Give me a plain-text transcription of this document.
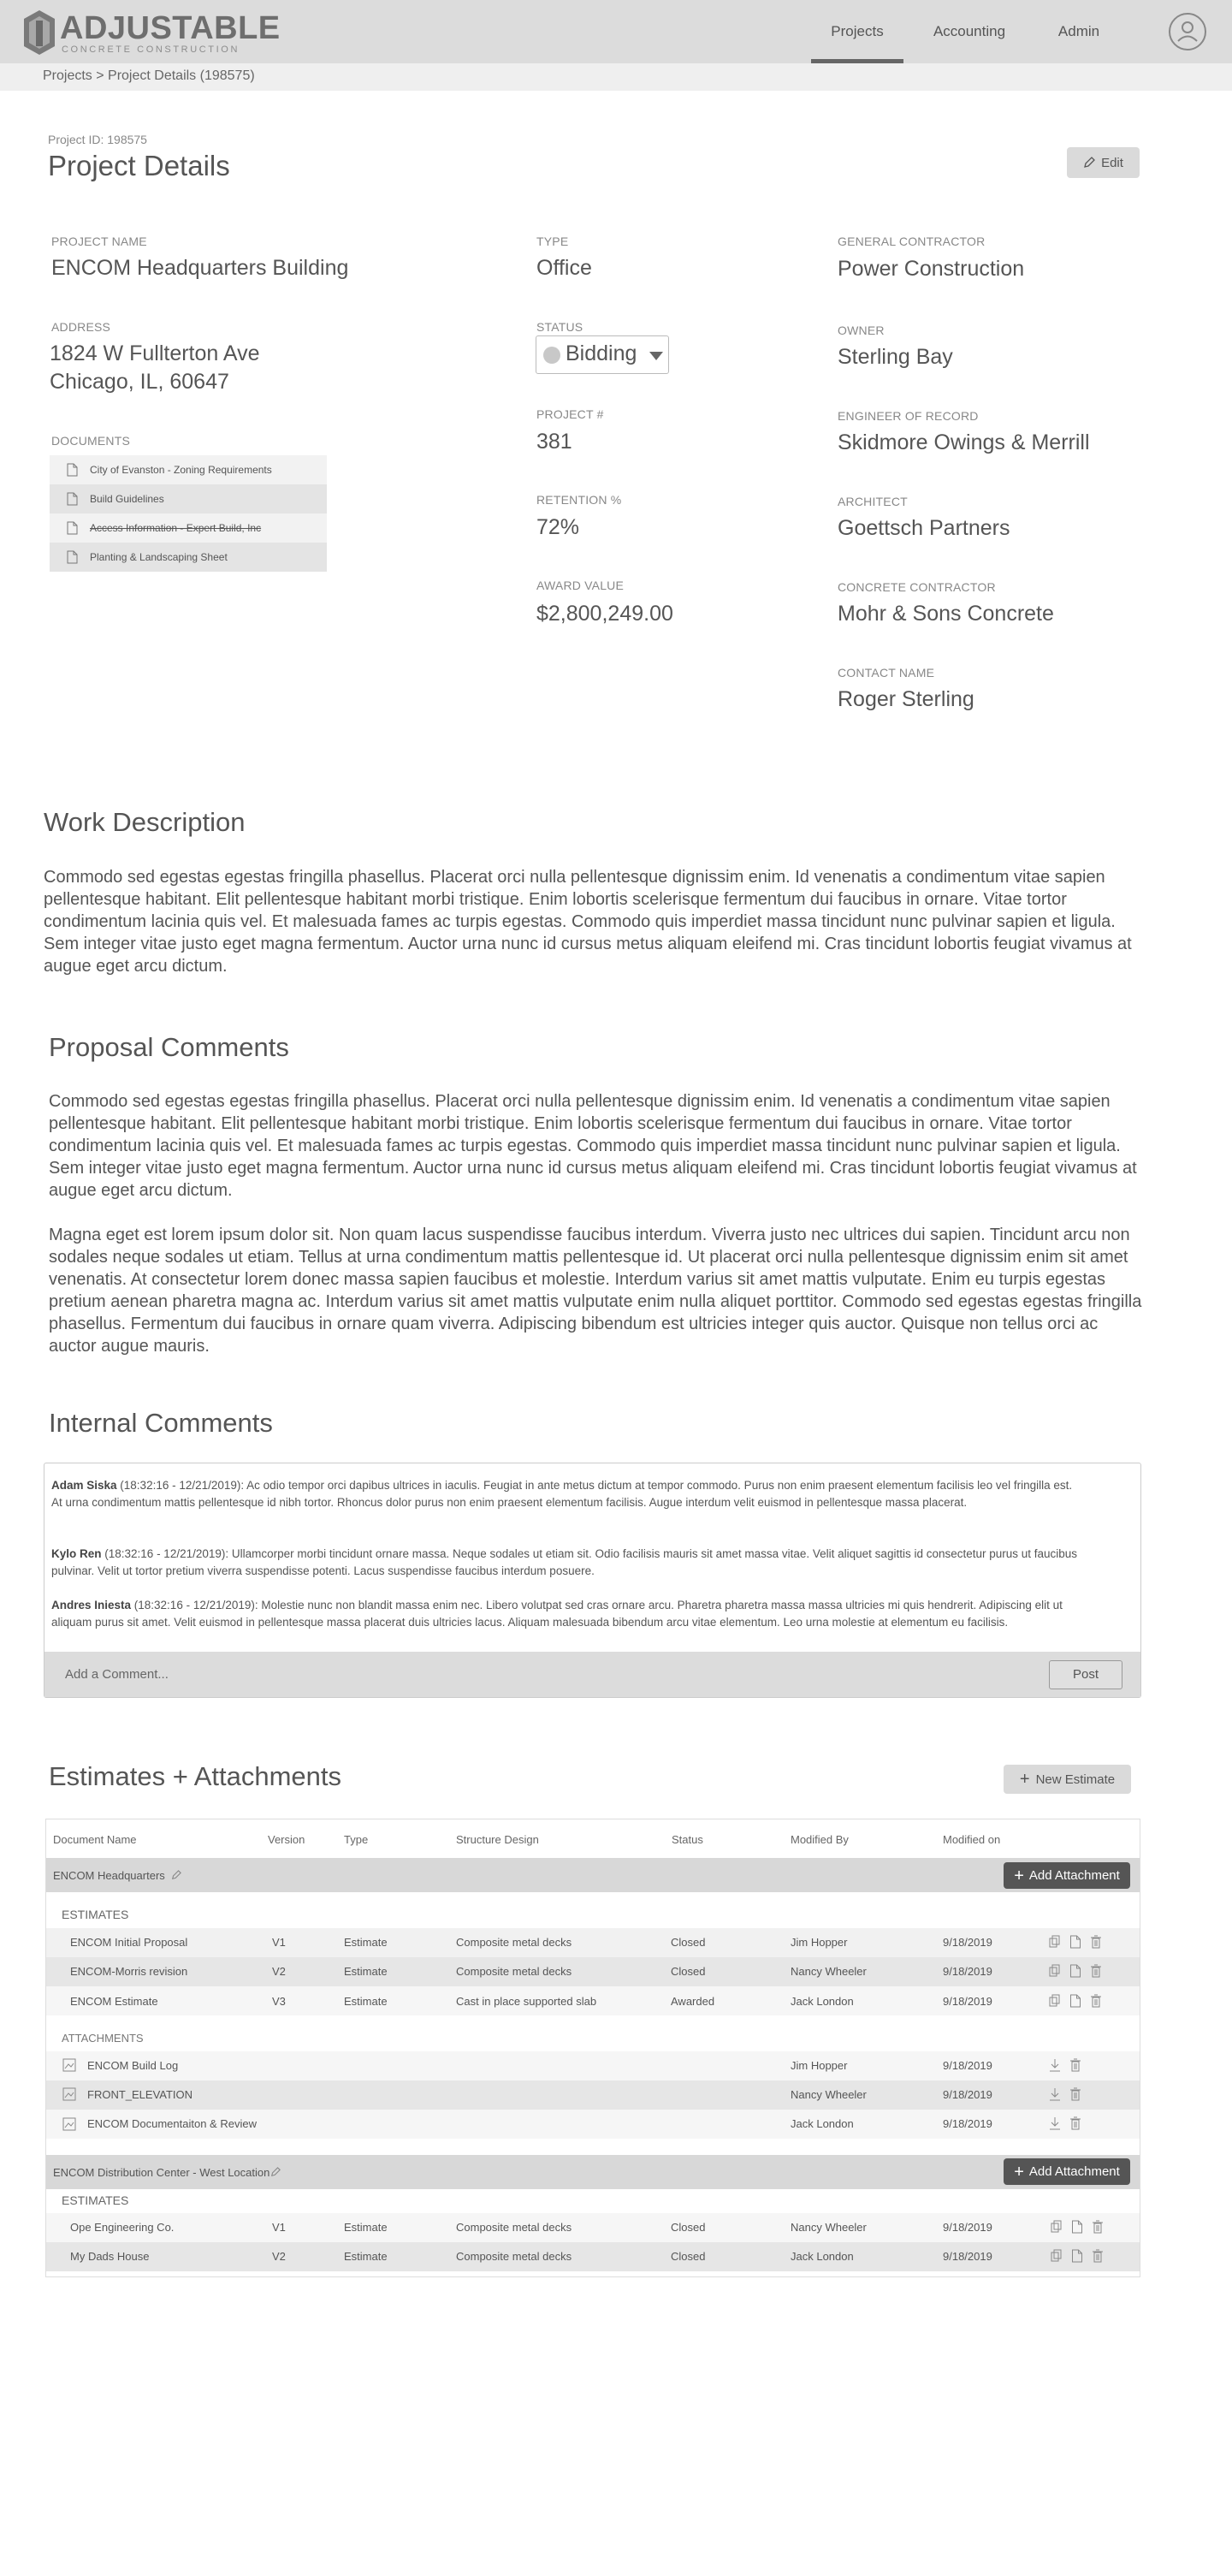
ADJUSTABLE
CONCRETE CONSTRUCTION
Projects	Accounting	Admin
Projects > Project Details (198575)
Project ID: 198575
Project Details	Edit
PROJECT NAME
ENCOM Headquarters Building
ADDRESS
1824 W Fullterton Ave
Chicago, IL, 60647
DOCUMENTS
City of Evanston - Zoning Requirements
Build Guidelines
Access Information - Expert Build, Inc
Planting & Landscaping Sheet
TYPE
Office
STATUS
Bidding
PROJECT #
381
RETENTION %
72%
AWARD VALUE
$2,800,249.00
GENERAL CONTRACTOR
Power Construction
OWNER
Sterling Bay
ENGINEER OF RECORD
Skidmore Owings & Merrill
ARCHITECT
Goettsch Partners
CONCRETE CONTRACTOR
Mohr & Sons Concrete
CONTACT NAME
Roger Sterling
Work Description
Commodo sed egestas egestas fringilla phasellus. Placerat orci nulla pellentesque dignissim enim. Id venenatis a condimentum vitae sapien pellentesque habitant. Elit pellentesque habitant morbi tristique. Enim lobortis scelerisque fermentum dui faucibus in ornare. Vitae tortor condimentum lacinia quis vel. Et malesuada fames ac turpis egestas. Commodo quis imperdiet massa tincidunt nunc pulvinar sapien et ligula. Sem integer vitae justo eget magna fermentum. Auctor urna nunc id cursus metus aliquam eleifend mi. Cras tincidunt lobortis feugiat vivamus at augue eget arcu dictum.
Proposal Comments
Commodo sed egestas egestas fringilla phasellus. Placerat orci nulla pellentesque dignissim enim. Id venenatis a condimentum vitae sapien pellentesque habitant. Elit pellentesque habitant morbi tristique. Enim lobortis scelerisque fermentum dui faucibus in ornare. Vitae tortor condimentum lacinia quis vel. Et malesuada fames ac turpis egestas. Commodo quis imperdiet massa tincidunt nunc pulvinar sapien et ligula. Sem integer vitae justo eget magna fermentum. Auctor urna nunc id cursus metus aliquam eleifend mi. Cras tincidunt lobortis feugiat vivamus at augue eget arcu dictum.
Magna eget est lorem ipsum dolor sit. Non quam lacus suspendisse faucibus interdum. Viverra justo nec ultrices dui sapien. Tincidunt arcu non sodales neque sodales ut etiam. Tellus at urna condimentum mattis pellentesque id. Ut placerat orci nulla pellentesque dignissim enim sit amet venenatis. At consectetur lorem donec massa sapien faucibus et molestie. Interdum varius sit amet mattis vulputate. Enim eu turpis egestas pretium aenean pharetra magna ac. Interdum varius sit amet mattis vulputate enim nulla aliquet porttitor. Commodo sed egestas egestas fringilla phasellus. Fermentum dui faucibus in ornare quam viverra. Adipiscing bibendum est ultricies integer quis auctor. Quisque non tellus orci ac auctor augue mauris.
Internal Comments
Adam Siska (18:32:16 - 12/21/2019): Ac odio tempor orci dapibus ultrices in iaculis. Feugiat in ante metus dictum at tempor commodo. Purus non enim praesent elementum facilisis leo vel fringilla est. At urna condimentum mattis pellentesque id nibh tortor. Rhoncus dolor purus non enim praesent elementum facilisis. Augue interdum velit euismod in pellentesque massa placerat.
Kylo Ren (18:32:16 - 12/21/2019): Ullamcorper morbi tincidunt ornare massa. Neque sodales ut etiam sit. Odio facilisis mauris sit amet massa vitae. Velit aliquet sagittis id consectetur purus ut faucibus pulvinar. Velit ut tortor pretium viverra suspendisse potenti. Lacus suspendisse faucibus interdum posuere.
Andres Iniesta (18:32:16 - 12/21/2019): Molestie nunc non blandit massa enim nec. Libero volutpat sed cras ornare arcu. Pharetra pharetra massa massa ultricies mi quis hendrerit. Adipiscing elit ut aliquam purus sit amet. Velit euismod in pellentesque massa placerat duis ultricies lacus. Aliquam malesuada bibendum arcu vitae elementum. Leo urna molestie at elementum eu facilisis.
Add a Comment...	Post
Estimates + Attachments	+ New Estimate
Document Name	Version	Type	Structure Design	Status	Modified By	Modified on
ENCOM Headquarters	+ Add Attachment
ESTIMATES
ENCOM Initial Proposal	V1	Estimate	Composite metal decks	Closed	Jim Hopper	9/18/2019
ENCOM-Morris revision	V2	Estimate	Composite metal decks	Closed	Nancy Wheeler	9/18/2019
ENCOM Estimate	V3	Estimate	Cast in place supported slab	Awarded	Jack London	9/18/2019
ATTACHMENTS
ENCOM Build Log	Jim Hopper	9/18/2019
FRONT_ELEVATION	Nancy Wheeler	9/18/2019
ENCOM Documentaiton & Review	Jack London	9/18/2019
ENCOM Distribution Center - West Location	+ Add Attachment
ESTIMATES
Ope Engineering Co.	V1	Estimate	Composite metal decks	Closed	Nancy Wheeler	9/18/2019
My Dads House	V2	Estimate	Composite metal decks	Closed	Jack London	9/18/2019
